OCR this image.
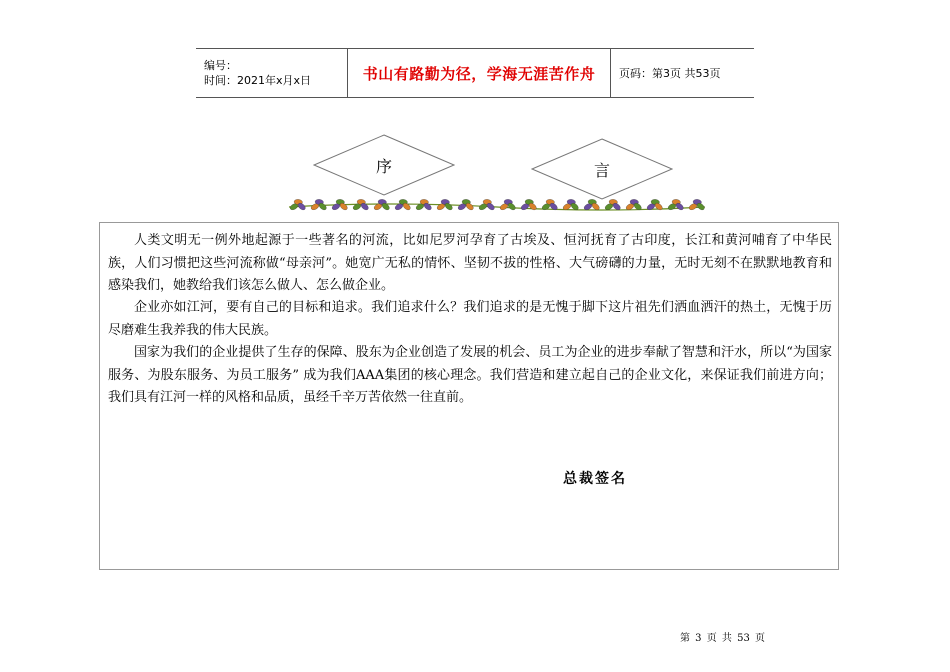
编号：
时间：2021年x月x日	书山有路勤为径，学海无涯苦作舟 页码：第3页 共53页
序	言

人类文明无一例外地起源于一些著名的河流，比如尼罗河孕育了古埃及、恒河抚育了古印度，长江和黄河哺育了中华民族，人们习惯把这些河流称做“母亲河”。她宽广无私的情怀、坚韧不拔的性格、大气磅礴的力量，无时无刻不在默默地教育和感染我们，她教给我们该怎么做人、怎么做企业。

企业亦如江河，要有自己的目标和追求。我们追求什么？我们追求的是无愧于脚下这片祖先们洒血洒汗的热土，无愧于历尽磨难生我养我的伟大民族。

国家为我们的企业提供了生存的保障、股东为企业创造了发展的机会、员工为企业的进步奉献了智慧和汗水，所以“为国家服务、为股东服务、为员工服务” 成为我们AAA集团的核心理念。我们营造和建立起自己的企业文化，来保证我们前进方向；我们具有江河一样的风格和品质，虽经千辛万苦依然一往直前。

总裁签名
第 3 页 共 53 页
